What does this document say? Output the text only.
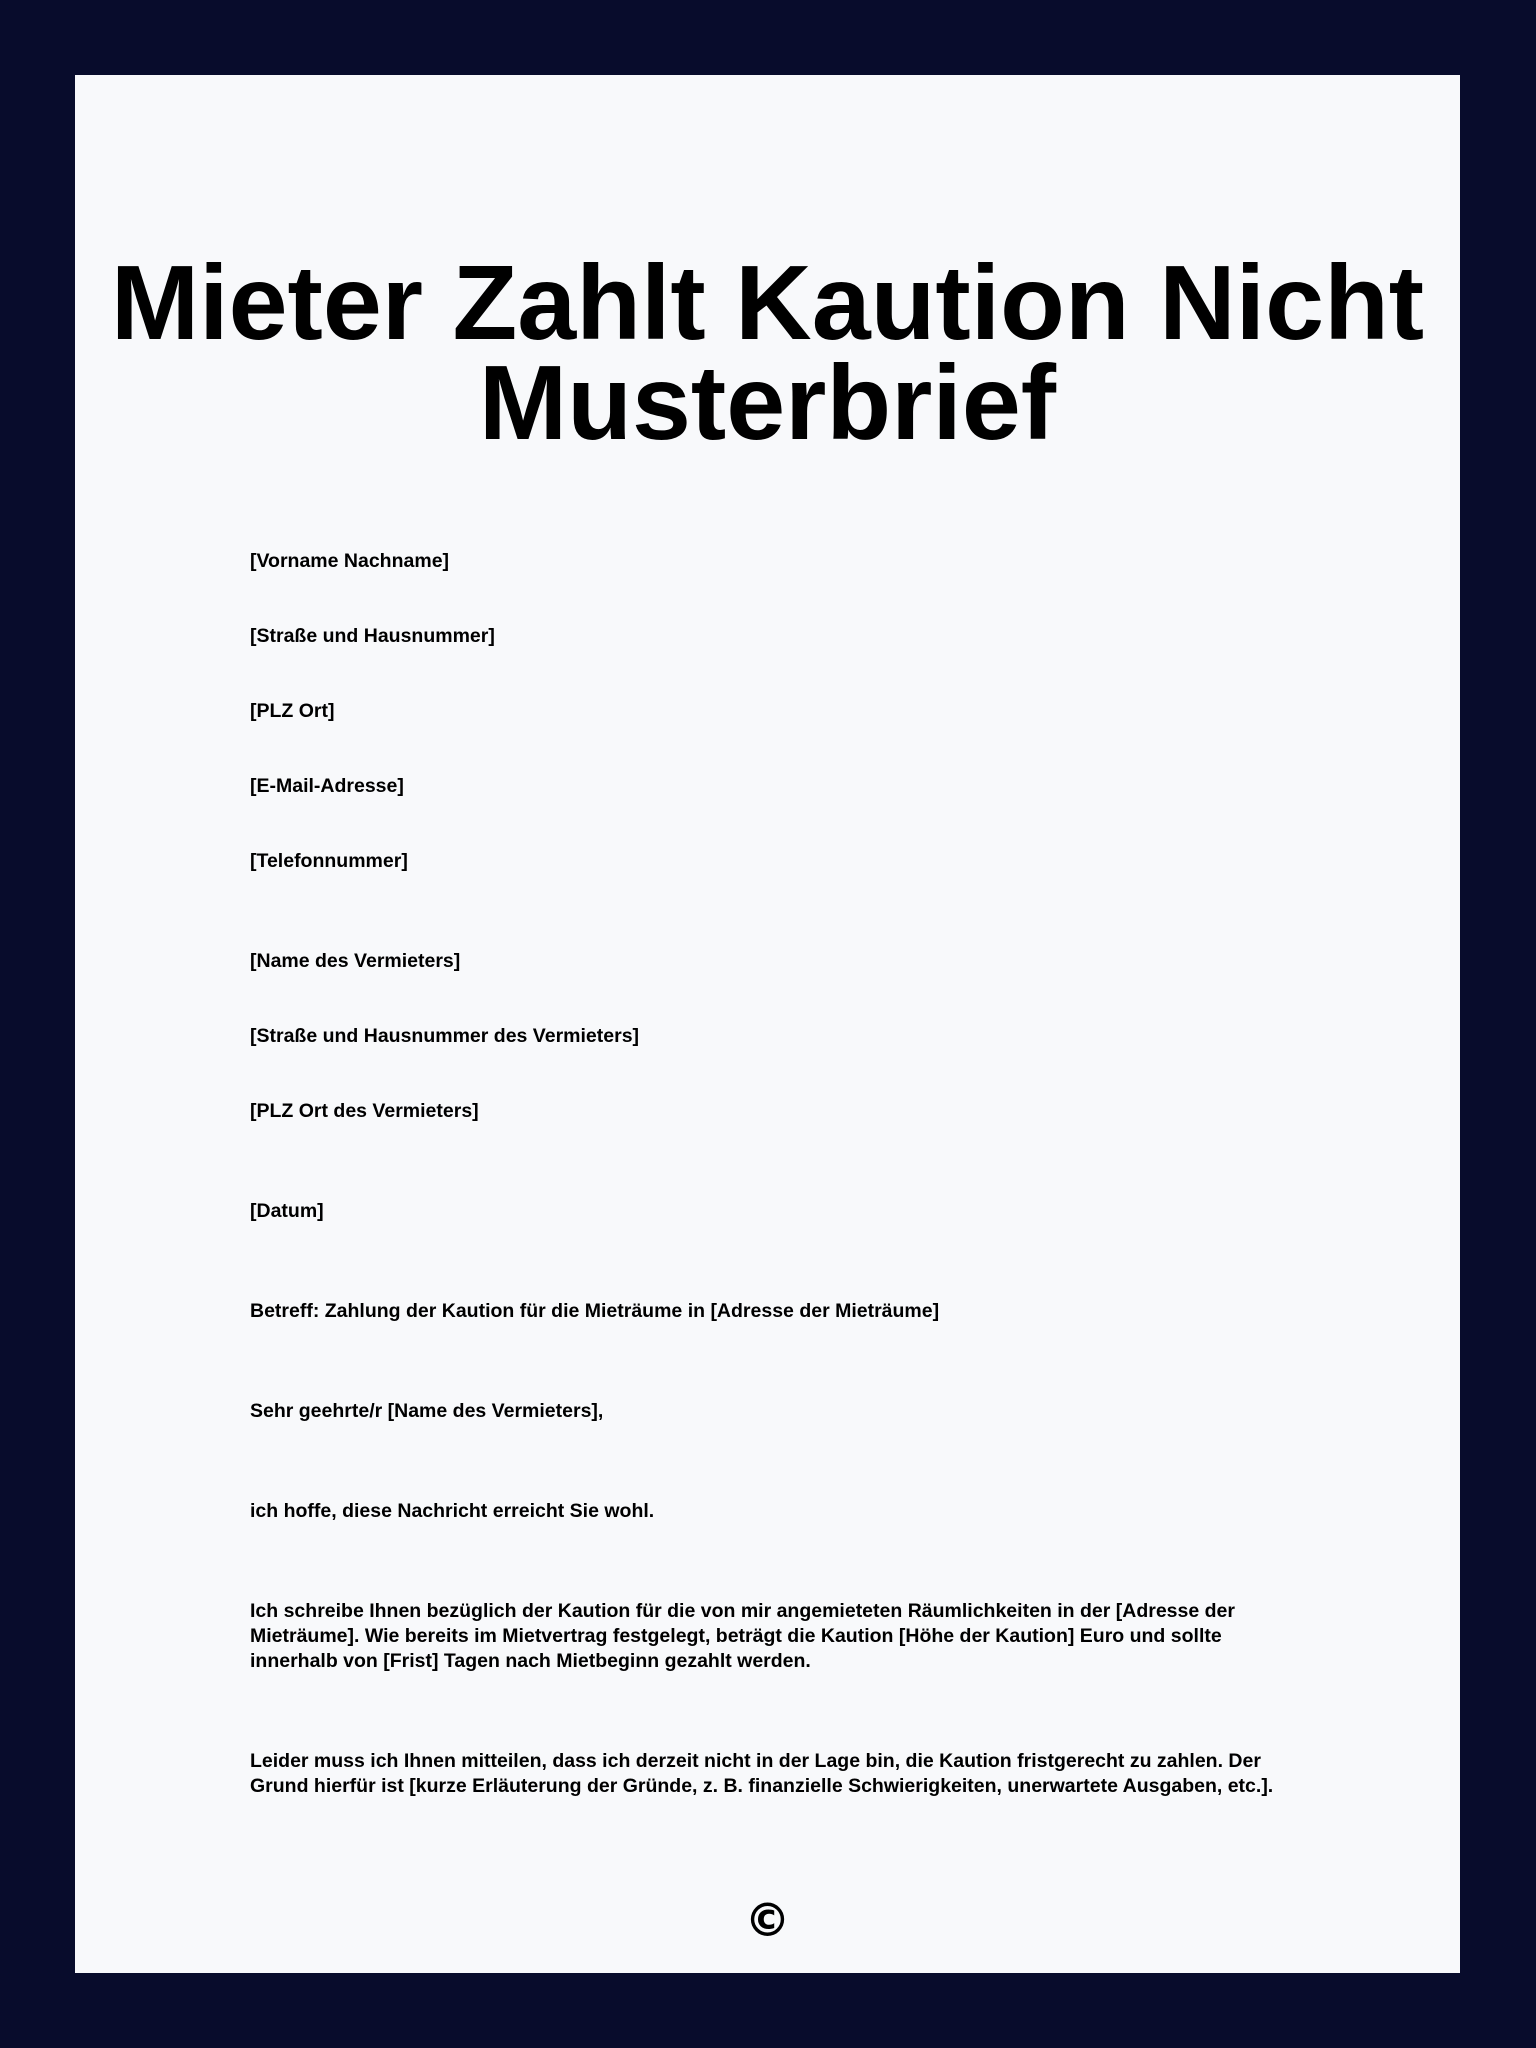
Mieter Zahlt Kaution Nicht Musterbrief

[Vorname Nachname]

[Straße und Hausnummer]

[PLZ Ort]

[E-Mail-Adresse]

[Telefonnummer]

[Name des Vermieters]

[Straße und Hausnummer des Vermieters]

[PLZ Ort des Vermieters]

[Datum]

Betreff: Zahlung der Kaution für die Mieträume in [Adresse der Mieträume]

Sehr geehrte/r [Name des Vermieters],

ich hoffe, diese Nachricht erreicht Sie wohl.

Ich schreibe Ihnen bezüglich der Kaution für die von mir angemieteten Räumlichkeiten in der [Adresse der Mieträume]. Wie bereits im Mietvertrag festgelegt, beträgt die Kaution [Höhe der Kaution] Euro und sollte innerhalb von [Frist] Tagen nach Mietbeginn gezahlt werden.

Leider muss ich Ihnen mitteilen, dass ich derzeit nicht in der Lage bin, die Kaution fristgerecht zu zahlen. Der Grund hierfür ist [kurze Erläuterung der Gründe, z. B. finanzielle Schwierigkeiten, unerwartete Ausgaben, etc.].

©
